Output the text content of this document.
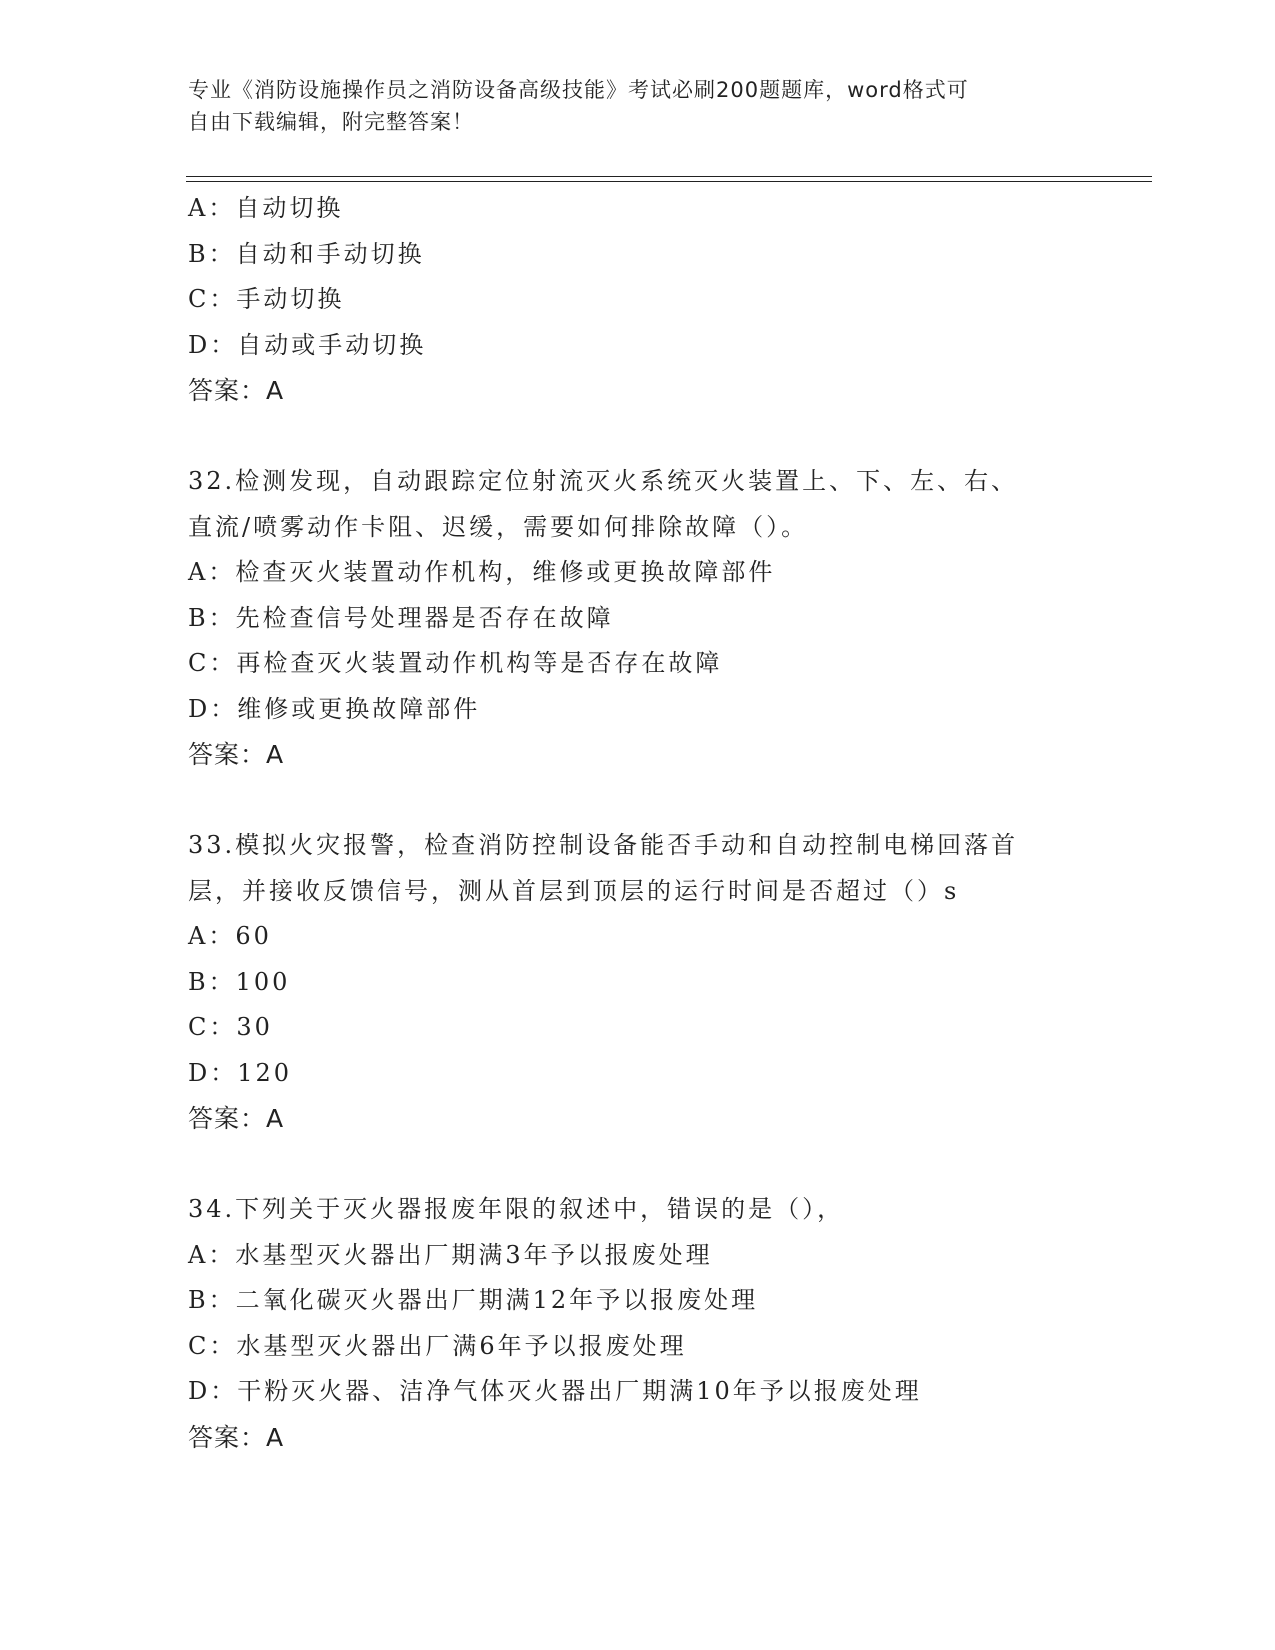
专业《消防设施操作员之消防设备高级技能》考试必刷200题题库，word格式可
自由下载编辑，附完整答案！
A：自动切换
B：自动和手动切换
C：手动切换
D：自动或手动切换
答案：A
32.检测发现，自动跟踪定位射流灭火系统灭火装置上、下、左、右、
直流/喷雾动作卡阻、迟缓，需要如何排除故障（）。
A：检查灭火装置动作机构，维修或更换故障部件
B：先检查信号处理器是否存在故障
C：再检查灭火装置动作机构等是否存在故障
D：维修或更换故障部件
答案：A
33.模拟火灾报警，检查消防控制设备能否手动和自动控制电梯回落首
层，并接收反馈信号，测从首层到顶层的运行时间是否超过（）s
A：60
B：100
C：30
D：120
答案：A
34.下列关于灭火器报废年限的叙述中，错误的是（），
A：水基型灭火器出厂期满3年予以报废处理
B：二氧化碳灭火器出厂期满12年予以报废处理
C：水基型灭火器出厂满6年予以报废处理
D：干粉灭火器、洁净气体灭火器出厂期满10年予以报废处理
答案：A
